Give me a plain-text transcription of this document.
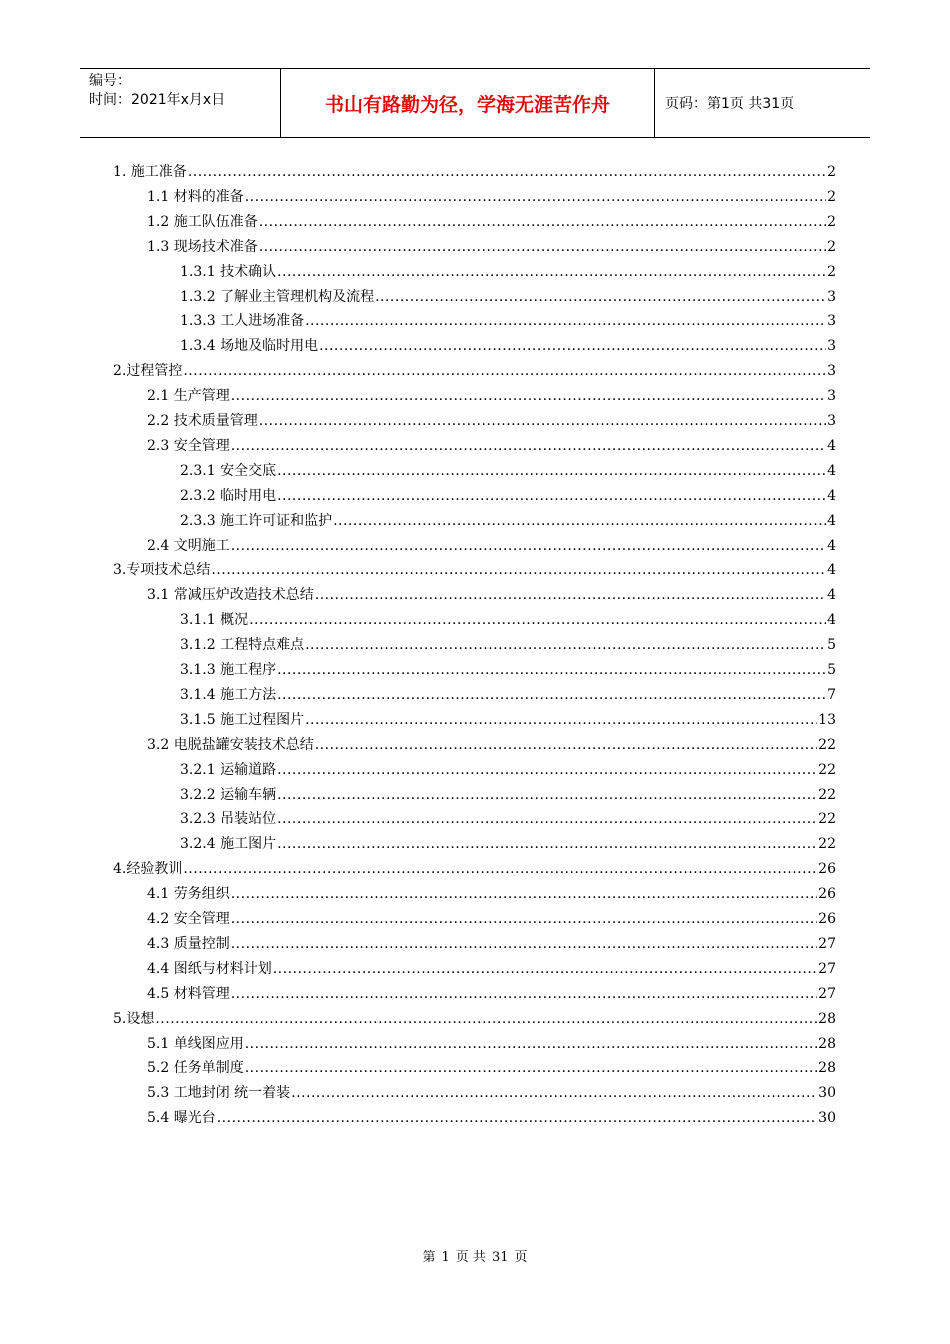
编号：
时间：2021年x月x日	书山有路勤为径，学海无涯苦作舟	页码：第1页 共31页
1. 施工准备 .....	2
1.1 材料的准备 .....	2
1.2 施工队伍准备 .....	2
1.3 现场技术准备 .....	2
1.3.1 技术确认 .....	2
1.3.2 了解业主管理机构及流程 .....	3
1.3.3 工人进场准备 .....	3
1.3.4 场地及临时用电 .....	3
2.过程管控 .....	3
2.1 生产管理 .....	3
2.2 技术质量管理 .....	3
2.3 安全管理 .....	4
2.3.1 安全交底 .....	4
2.3.2 临时用电 .....	4
2.3.3 施工许可证和监护 .....	4
2.4 文明施工 .....	4
3.专项技术总结 .....	4
3.1 常减压炉改造技术总结 .....	4
3.1.1 概况 .....	4
3.1.2 工程特点难点 .....	5
3.1.3 施工程序 .....	5
3.1.4 施工方法 .....	7
3.1.5 施工过程图片 .....	13
3.2 电脱盐罐安装技术总结 .....	22
3.2.1 运输道路 .....	22
3.2.2 运输车辆 .....	22
3.2.3 吊装站位 .....	22
3.2.4 施工图片 .....	22
4.经验教训 .....	26
4.1 劳务组织 .....	26
4.2 安全管理 .....	26
4.3 质量控制 .....	27
4.4 图纸与材料计划 .....	27
4.5 材料管理 .....	27
5.设想 .....	28
5.1 单线图应用 .....	28
5.2 任务单制度 .....	28
5.3 工地封闭 统一着装 .....	30
5.4 曝光台 .....	30
第 1 页 共 31 页
